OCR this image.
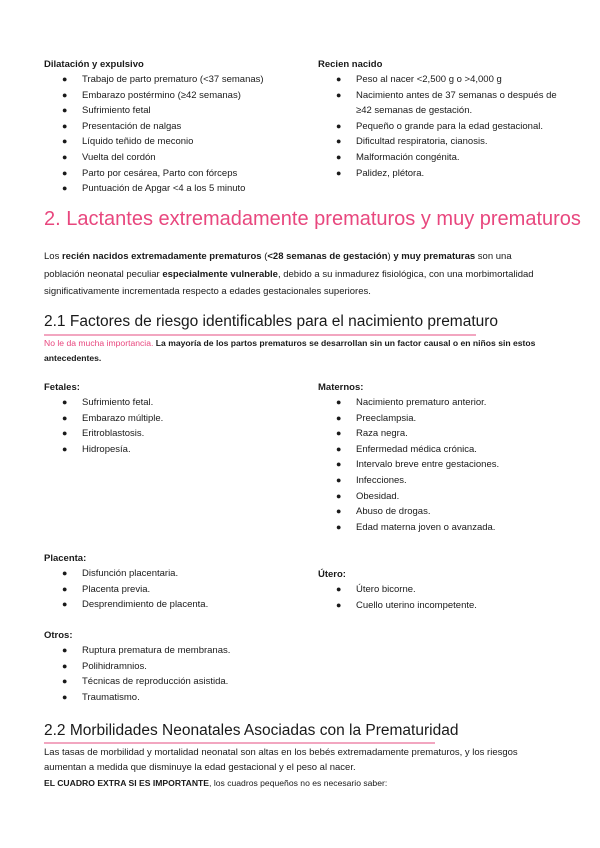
Dilatación y expulsivo
● Trabajo de parto prematuro (<37 semanas)
● Embarazo postérmino (≥42 semanas)
● Sufrimiento fetal
● Presentación de nalgas
● Líquido teñido de meconio
● Vuelta del cordón
● Parto por cesárea, Parto con fórceps
● Puntuación de Apgar <4 a los 5 minuto
Recien nacido
● Peso al nacer <2,500 g o >4,000 g
● Nacimiento antes de 37 semanas o después de ≥42 semanas de gestación.
● Pequeño o grande para la edad gestacional.
● Dificultad respiratoria, cianosis.
● Malformación congénita.
● Palidez, plétora.
2. Lactantes extremadamente prematuros y muy prematuros
Los recién nacidos extremadamente prematuros (<28 semanas de gestación) y muy prematuras son una población neonatal peculiar especialmente vulnerable, debido a su inmadurez fisiológica, con una morbimortalidad significativamente incrementada respecto a edades gestacionales superiores.
2.1 Factores de riesgo identificables para el nacimiento prematuro
No le da mucha importancia. La mayoría de los partos prematuros se desarrollan sin un factor causal o en niños sin estos antecedentes.
Fetales:
● Sufrimiento fetal.
● Embarazo múltiple.
● Eritroblastosis.
● Hidropesía.
Maternos:
● Nacimiento prematuro anterior.
● Preeclampsia.
● Raza negra.
● Enfermedad médica crónica.
● Intervalo breve entre gestaciones.
● Infecciones.
● Obesidad.
● Abuso de drogas.
● Edad materna joven o avanzada.
Placenta:
● Disfunción placentaria.
● Placenta previa.
● Desprendimiento de placenta.
Útero:
● Útero bicorne.
● Cuello uterino incompetente.
Otros:
● Ruptura prematura de membranas.
● Polihidramnios.
● Técnicas de reproducción asistida.
● Traumatismo.
2.2 Morbilidades Neonatales Asociadas con la Prematuridad
Las tasas de morbilidad y mortalidad neonatal son altas en los bebés extremadamente prematuros, y los riesgos aumentan a medida que disminuye la edad gestacional y el peso al nacer.
EL CUADRO EXTRA SI ES IMPORTANTE, los cuadros pequeños no es necesario saber:
